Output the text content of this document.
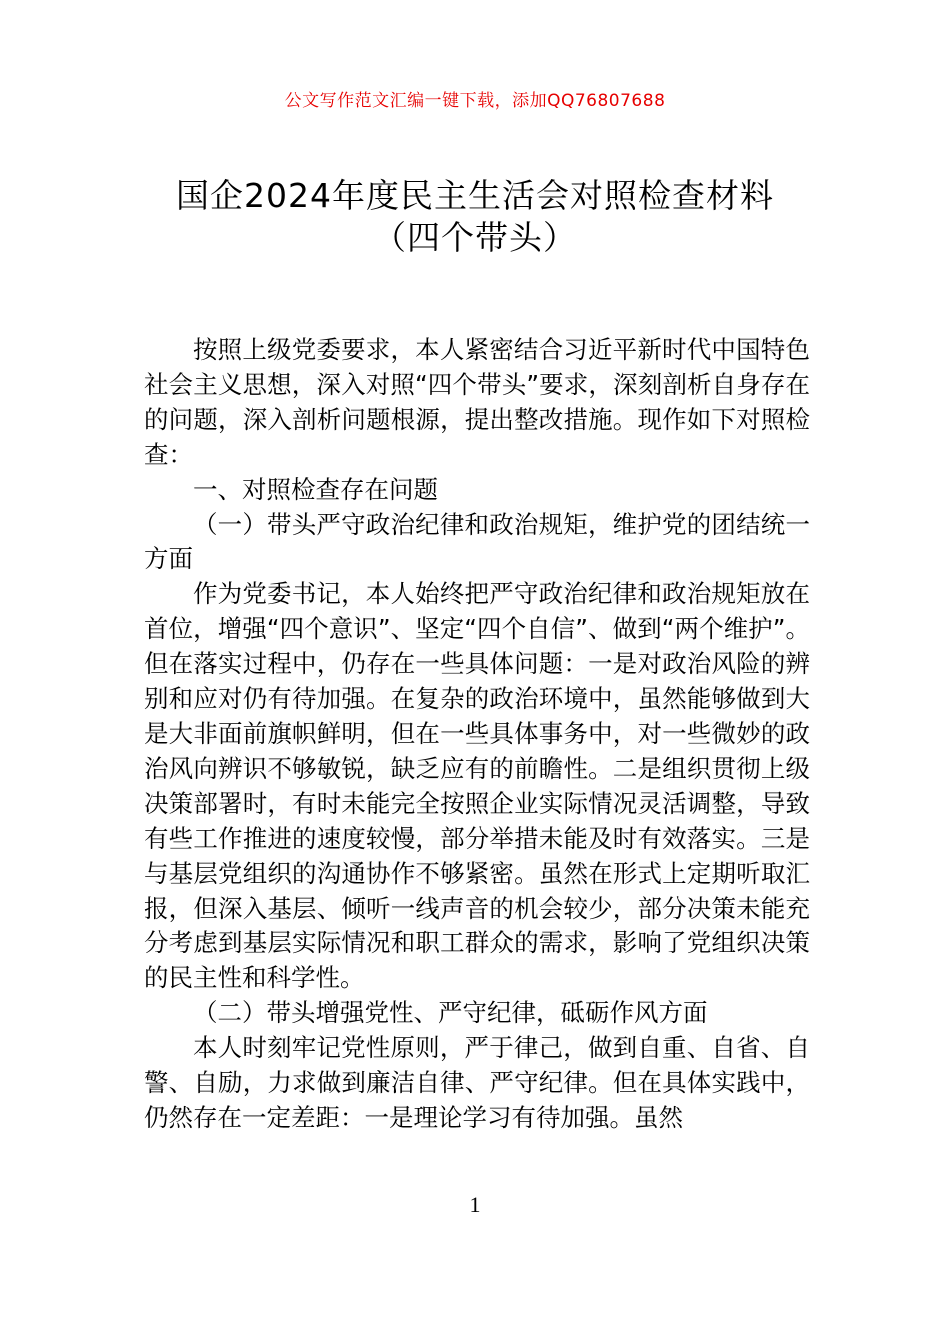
公文写作范文汇编一键下载，添加QQ76807688
国企2024年度民主生活会对照检查材料
（四个带头）

按照上级党委要求，本人紧密结合习近平新时代中国特色社会主义思想，深入对照“四个带头”要求，深刻剖析自身存在的问题，深入剖析问题根源，提出整改措施。现作如下对照检查：

一、对照检查存在问题

（一）带头严守政治纪律和政治规矩，维护党的团结统一方面

作为党委书记，本人始终把严守政治纪律和政治规矩放在首位，增强“四个意识”、坚定“四个自信”、做到“两个维护”。但在落实过程中，仍存在一些具体问题：一是对政治风险的辨别和应对仍有待加强。在复杂的政治环境中，虽然能够做到大是大非面前旗帜鲜明，但在一些具体事务中，对一些微妙的政治风向辨识不够敏锐，缺乏应有的前瞻性。二是组织贯彻上级决策部署时，有时未能完全按照企业实际情况灵活调整，导致有些工作推进的速度较慢，部分举措未能及时有效落实。三是与基层党组织的沟通协作不够紧密。虽然在形式上定期听取汇报，但深入基层、倾听一线声音的机会较少，部分决策未能充分考虑到基层实际情况和职工群众的需求，影响了党组织决策的民主性和科学性。

（二）带头增强党性、严守纪律，砥砺作风方面

本人时刻牢记党性原则，严于律己，做到自重、自省、自警、自励，力求做到廉洁自律、严守纪律。但在具体实践中，仍然存在一定差距：一是理论学习有待加强。虽然

1
